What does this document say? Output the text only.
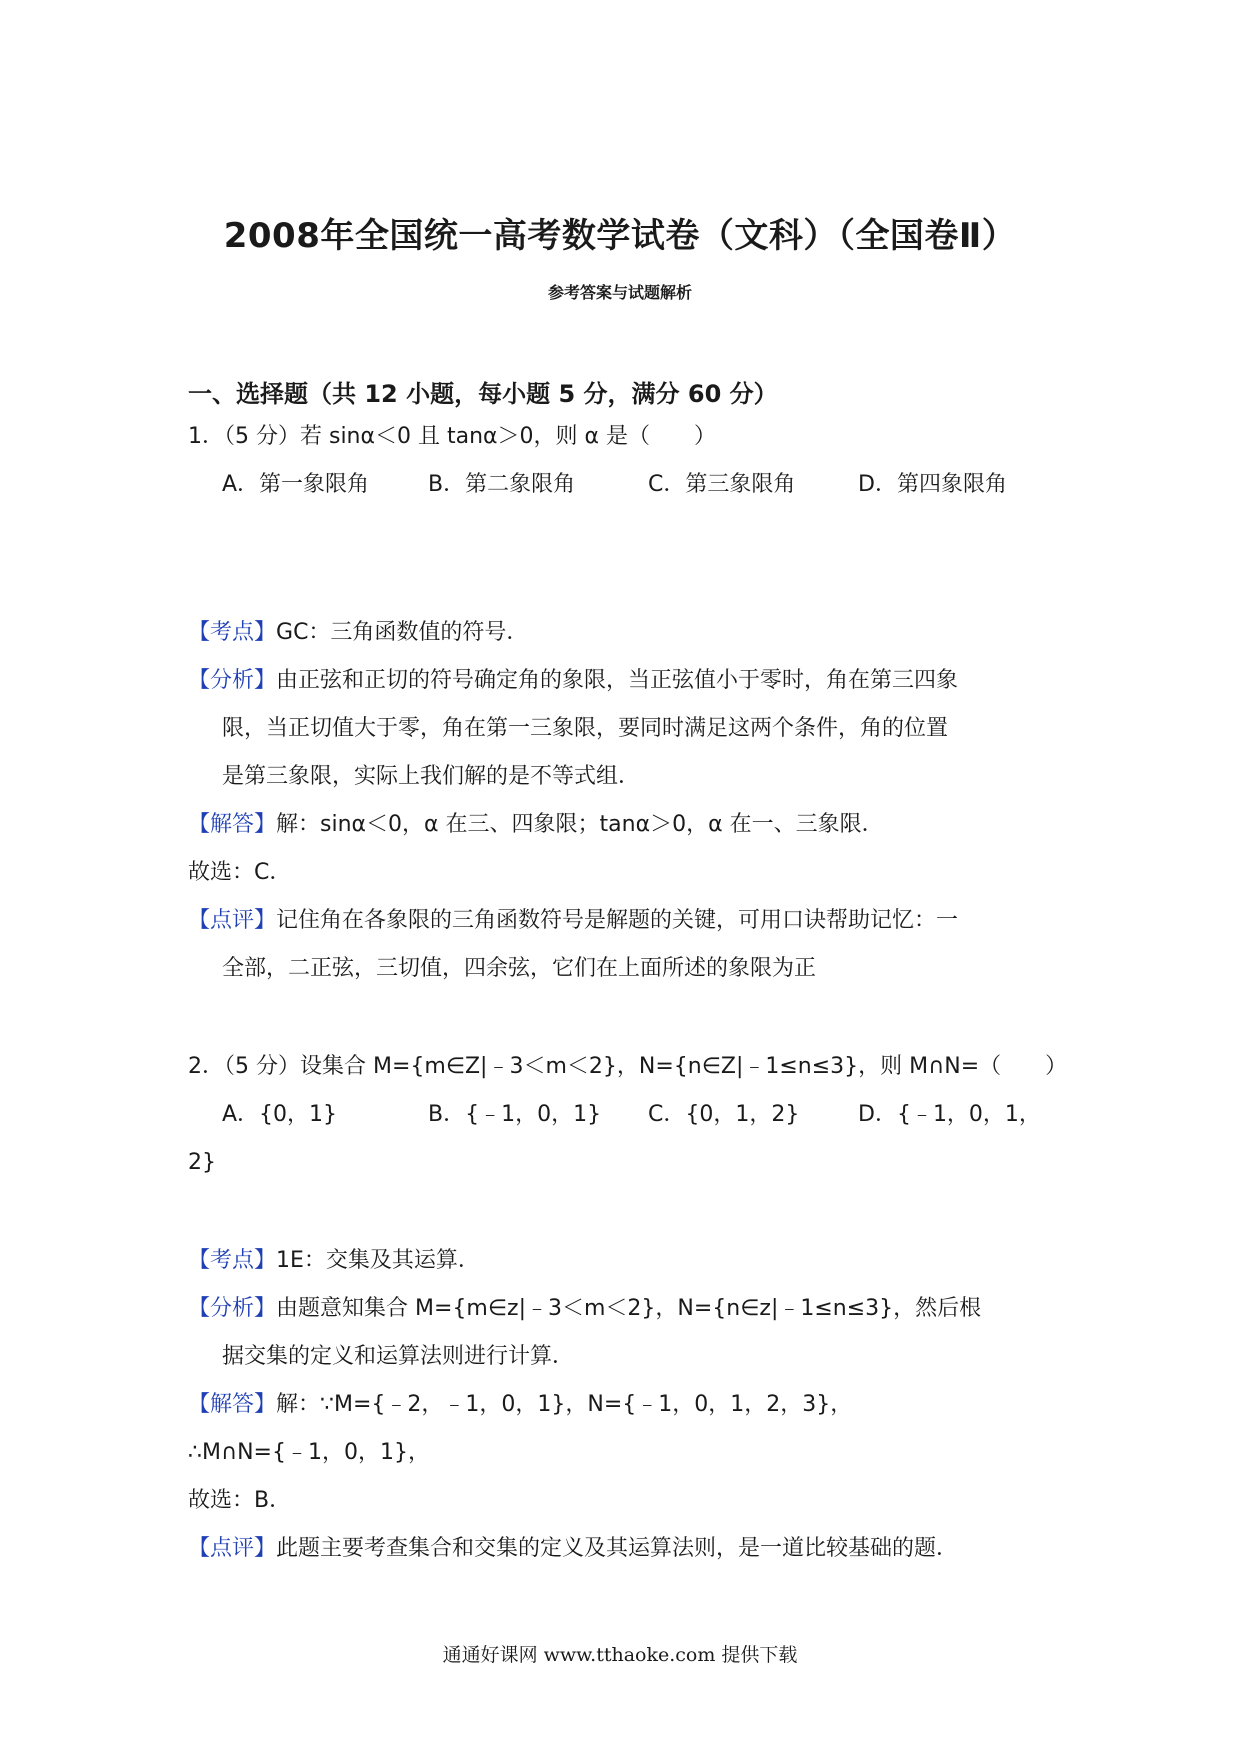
2008年全国统一高考数学试卷（文科）（全国卷Ⅱ）
参考答案与试题解析
一、选择题（共 12 小题，每小题 5 分，满分 60 分）
1．（5 分）若 sinα＜0 且 tanα＞0，则 α 是（　　）
A．第一象限角	B．第二象限角	C．第三象限角	D．第四象限角
【考点】GC：三角函数值的符号．
【分析】由正弦和正切的符号确定角的象限，当正弦值小于零时，角在第三四象
限，当正切值大于零，角在第一三象限，要同时满足这两个条件，角的位置
是第三象限，实际上我们解的是不等式组．
【解答】解：sinα＜0，α 在三、四象限；tanα＞0，α 在一、三象限．
故选：C．
【点评】记住角在各象限的三角函数符号是解题的关键，可用口诀帮助记忆：一
全部，二正弦，三切值，四余弦，它们在上面所述的象限为正
2．（5 分）设集合 M={m∈Z|﹣3＜m＜2}，N={n∈Z|﹣1≤n≤3}，则 M∩N=（　　）
A．{0，1}	B．{﹣1，0，1} C．{0，1，2}	D．{﹣1，0，1，
2}
【考点】1E：交集及其运算．
【分析】由题意知集合 M={m∈z|﹣3＜m＜2}，N={n∈z|﹣1≤n≤3}，然后根
据交集的定义和运算法则进行计算．
【解答】解：∵M={﹣2，﹣1，0，1}，N={﹣1，0，1，2，3}，
∴M∩N={﹣1，0，1}，
故选：B．
【点评】此题主要考查集合和交集的定义及其运算法则，是一道比较基础的题．
通通好课网 www.tthaoke.com 提供下载
